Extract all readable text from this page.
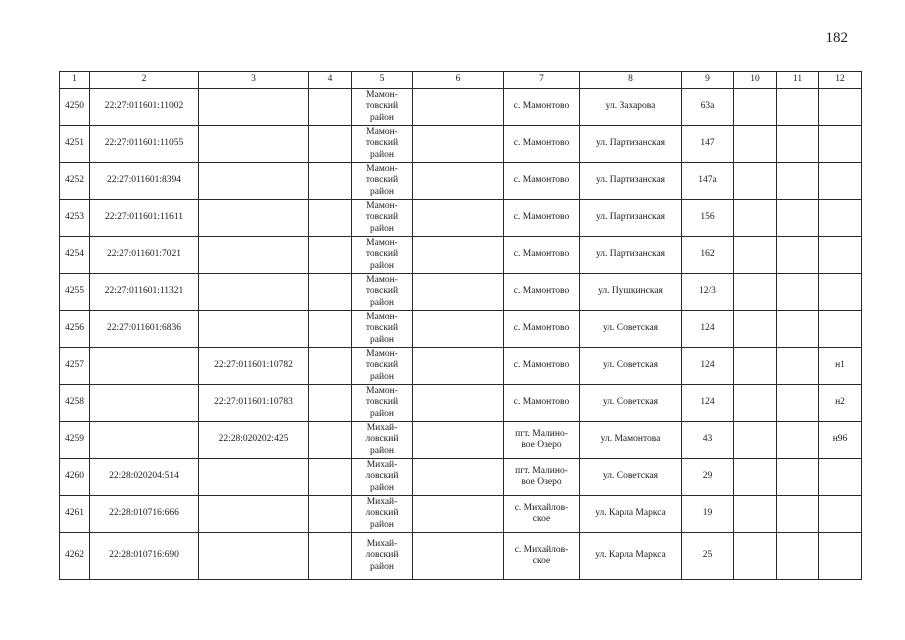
182
1	2	3	4	5	6	7	8	9	10	11	12
4250	22:27:011601:11002			Мамон-
товский
район		с. Мамонтово	ул. Захарова	63а			
4251	22:27:011601:11055			Мамон-
товский
район		с. Мамонтово	ул. Партизанская	147			
4252	22:27:011601:8394			Мамон-
товский
район		с. Мамонтово	ул. Партизанская	147а			
4253	22:27:011601:11611			Мамон-
товский
район		с. Мамонтово	ул. Партизанская	156			
4254	22:27:011601:7021			Мамон-
товский
район		с. Мамонтово	ул. Партизанская	162			
4255	22:27:011601:11321			Мамон-
товский
район		с. Мамонтово	ул. Пушкинская	12/3			
4256	22:27:011601:6836			Мамон-
товский
район		с. Мамонтово	ул. Советская	124			
4257		22:27:011601:10782		Мамон-
товский
район		с. Мамонтово	ул. Советская	124			н1
4258		22:27:011601:10783		Мамон-
товский
район		с. Мамонтово	ул. Советская	124			н2
4259		22:28:020202:425		Михай-
ловский
район		пгт. Малино-
вое Озеро	ул. Мамонтова	43			н96
4260	22:28:020204:514			Михай-
ловский
район		пгт. Малино-
вое Озеро	ул. Советская	29			
4261	22:28:010716:666			Михай-
ловский
район		с. Михайлов-
ское	ул. Карла Маркса	19			
4262	22:28:010716:690			Михай-
ловский
район		с. Михайлов-
ское	ул. Карла Маркса	25			
